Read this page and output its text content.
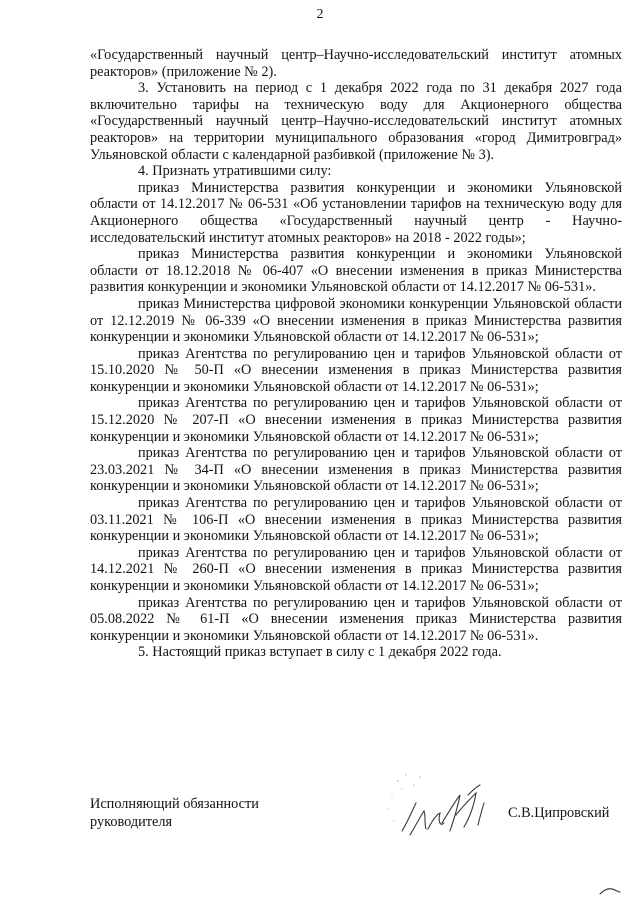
2

«Государственный научный центр–Научно-исследовательский институт атомных реакторов» (приложение № 2).

3. Установить на период с 1 декабря 2022 года по 31 декабря 2027 года включительно тарифы на техническую воду для Акционерного общества «Государственный научный центр–Научно-исследовательский институт атомных реакторов» на территории муниципального образования «город Димитровград» Ульяновской области с календарной разбивкой (приложение № 3).

4. Признать утратившими силу:

приказ Министерства развития конкуренции и экономики Ульяновской области от 14.12.2017 № 06-531 «Об установлении тарифов на техническую воду для Акционерного общества «Государственный научный центр - Научно-исследовательский институт атомных реакторов» на 2018 - 2022 годы»;

приказ Министерства развития конкуренции и экономики Ульяновской области от 18.12.2018 № 06-407 «О внесении изменения в приказ Министерства развития конкуренции и экономики Ульяновской области от 14.12.2017 № 06-531».

приказ Министерства цифровой экономики конкуренции Ульяновской области от 12.12.2019 № 06-339 «О внесении изменения в приказ Министерства развития конкуренции и экономики Ульяновской области от 14.12.2017 № 06-531»;

приказ Агентства по регулированию цен и тарифов Ульяновской области от 15.10.2020 № 50-П «О внесении изменения в приказ Министерства развития конкуренции и экономики Ульяновской области от 14.12.2017 № 06-531»;

приказ Агентства по регулированию цен и тарифов Ульяновской области от 15.12.2020 № 207-П «О внесении изменения в приказ Министерства развития конкуренции и экономики Ульяновской области от 14.12.2017 № 06-531»;

приказ Агентства по регулированию цен и тарифов Ульяновской области от 23.03.2021 № 34-П «О внесении изменения в приказ Министерства развития конкуренции и экономики Ульяновской области от 14.12.2017 № 06-531»;

приказ Агентства по регулированию цен и тарифов Ульяновской области от 03.11.2021 № 106-П «О внесении изменения в приказ Министерства развития конкуренции и экономики Ульяновской области от 14.12.2017 № 06-531»;

приказ Агентства по регулированию цен и тарифов Ульяновской области от 14.12.2021 № 260-П «О внесении изменения в приказ Министерства развития конкуренции и экономики Ульяновской области от 14.12.2017 № 06-531»;

приказ Агентства по регулированию цен и тарифов Ульяновской области от 05.08.2022 № 61-П «О внесении изменения приказ Министерства развития конкуренции и экономики Ульяновской области от 14.12.2017 № 06-531».

5. Настоящий приказ вступает в силу с 1 декабря 2022 года.

Исполняющий обязанности
руководителя
С.В.Ципровский
